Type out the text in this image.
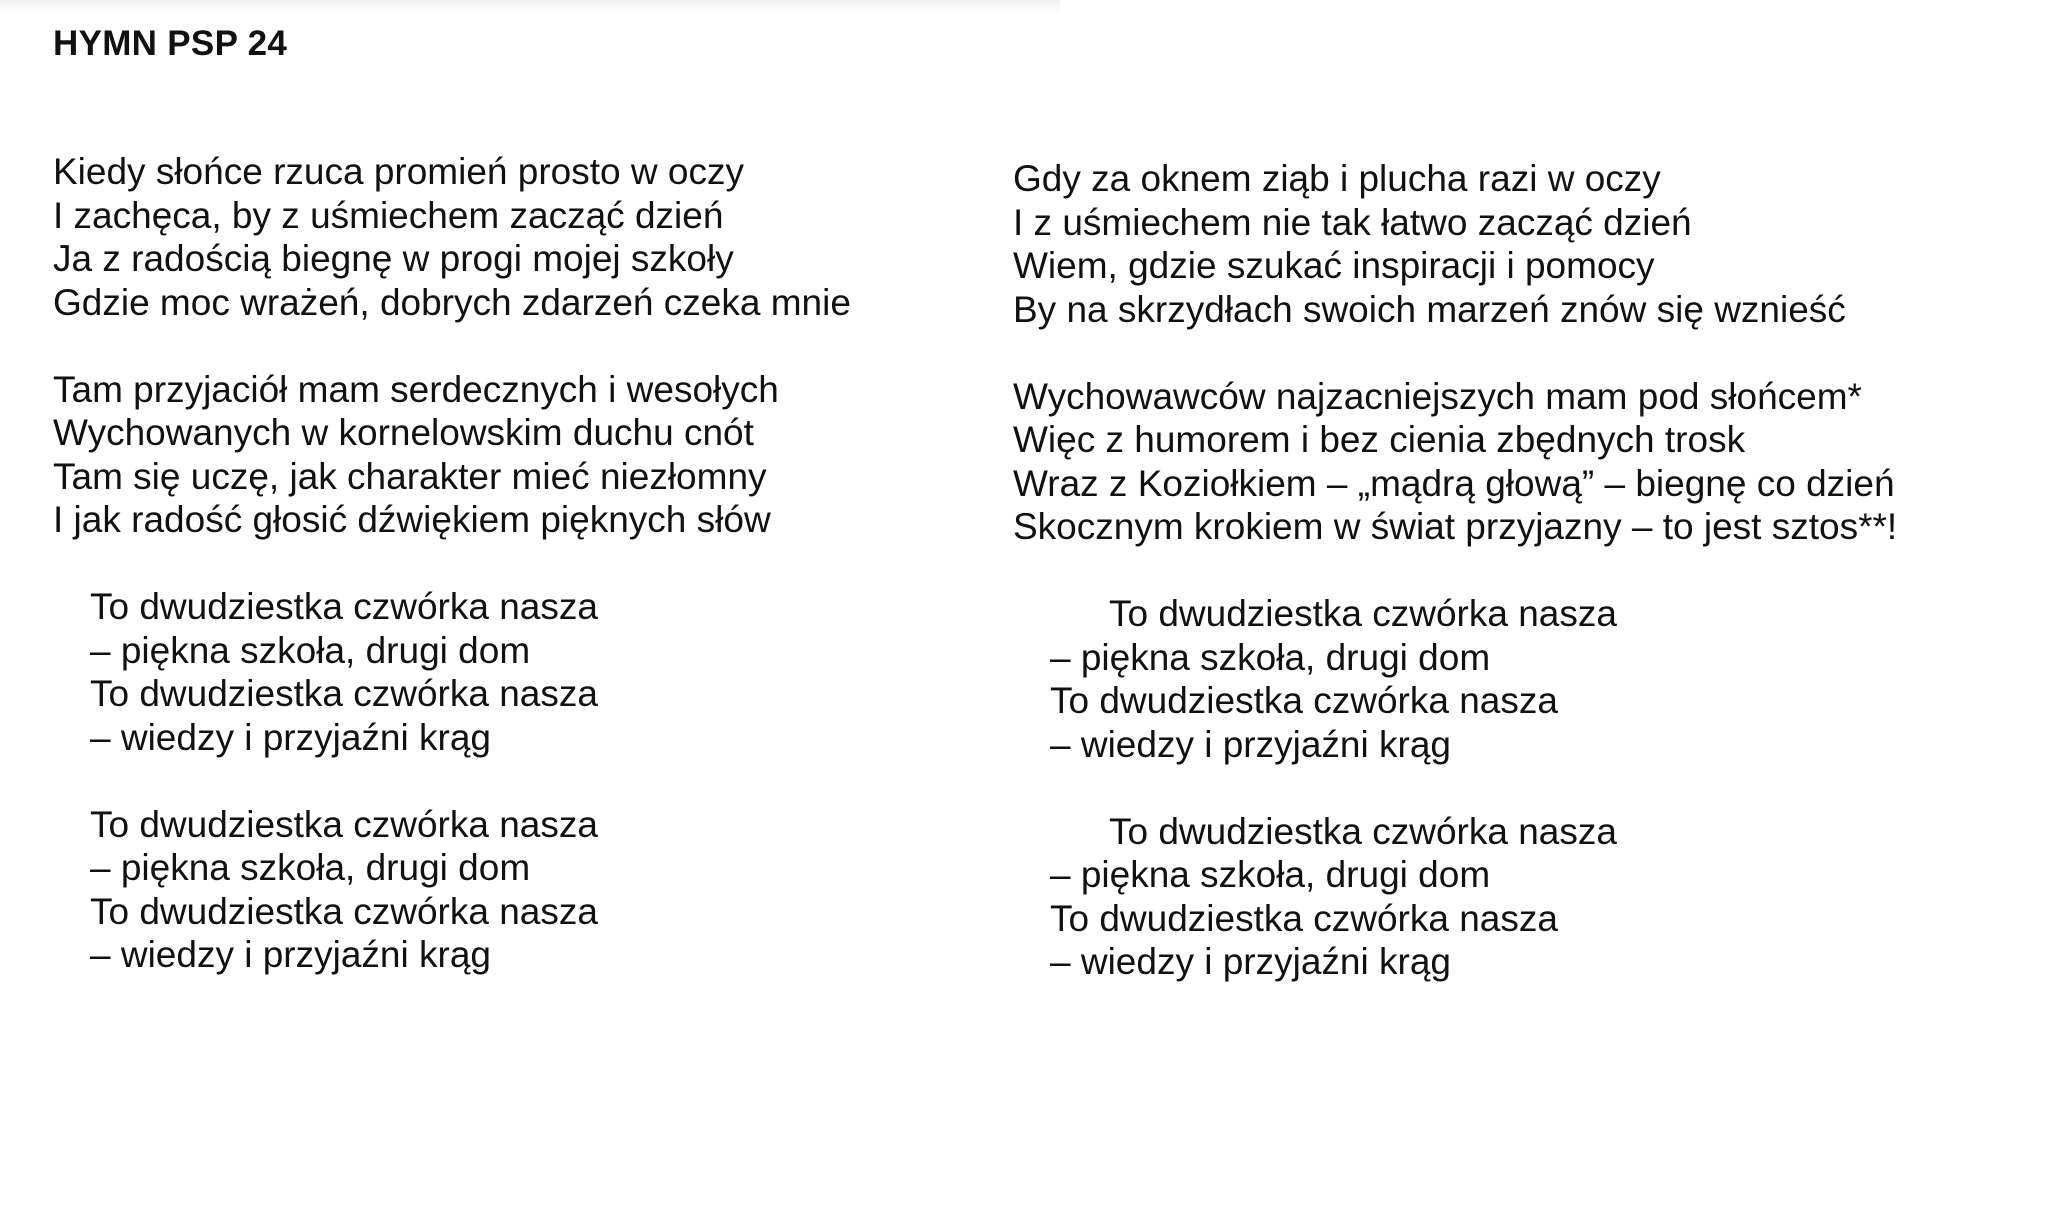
HYMN PSP 24
Kiedy słońce rzuca promień prosto w oczy
I zachęca, by z uśmiechem zacząć dzień
Ja z radością biegnę w progi mojej szkoły
Gdzie moc wrażeń, dobrych zdarzeń czeka mnie
Tam przyjaciół mam serdecznych i wesołych
Wychowanych w kornelowskim duchu cnót
Tam się uczę, jak charakter mieć niezłomny
I jak radość głosić dźwiękiem pięknych słów
To dwudziestka czwórka nasza
– piękna szkoła, drugi dom
To dwudziestka czwórka nasza
– wiedzy i przyjaźni krąg
To dwudziestka czwórka nasza
– piękna szkoła, drugi dom
To dwudziestka czwórka nasza
– wiedzy i przyjaźni krąg
Gdy za oknem ziąb i plucha razi w oczy
I z uśmiechem nie tak łatwo zacząć dzień
Wiem, gdzie szukać inspiracji i pomocy
By na skrzydłach swoich marzeń znów się wznieść
Wychowawców najzacniejszych mam pod słońcem*
Więc z humorem i bez cienia zbędnych trosk
Wraz z Koziołkiem – „mądrą głową” – biegnę co dzień
Skocznym krokiem w świat przyjazny – to jest sztos**!
To dwudziestka czwórka nasza
– piękna szkoła, drugi dom
To dwudziestka czwórka nasza
– wiedzy i przyjaźni krąg
To dwudziestka czwórka nasza
– piękna szkoła, drugi dom
To dwudziestka czwórka nasza
– wiedzy i przyjaźni krąg
